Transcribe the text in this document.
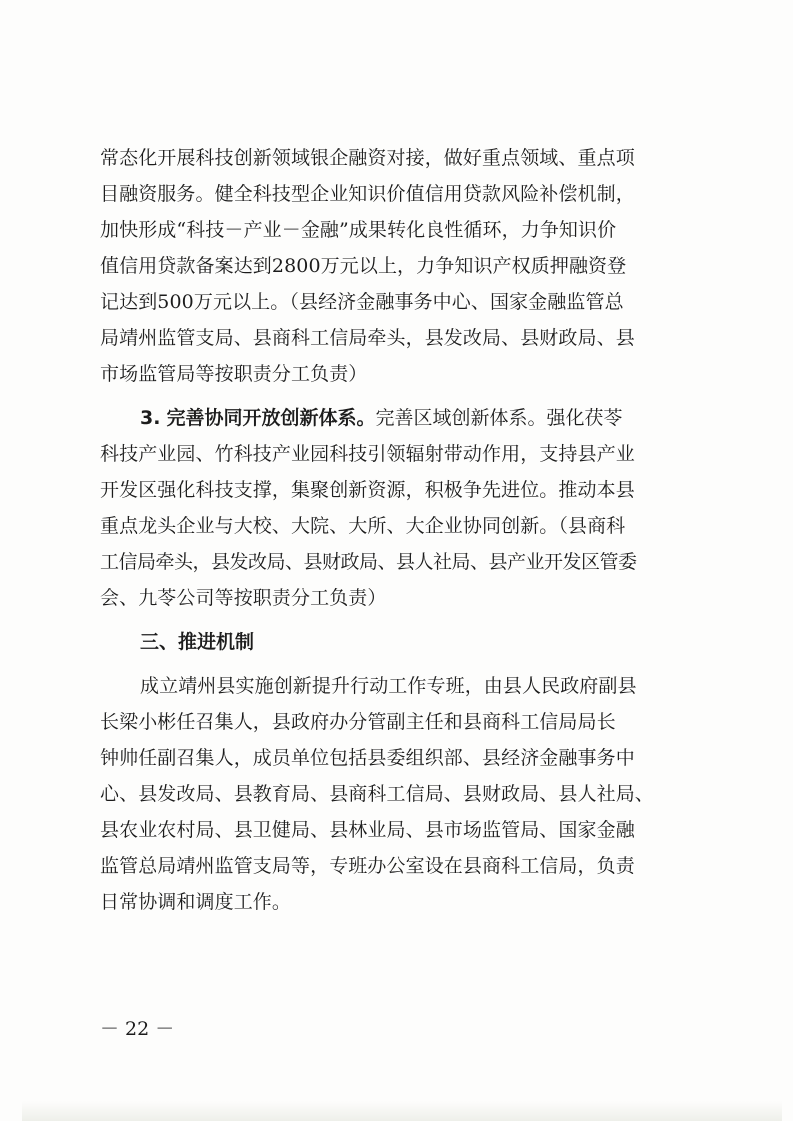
常态化开展科技创新领域银企融资对接，做好重点领域、重点项
目融资服务。健全科技型企业知识价值信用贷款风险补偿机制，
加快形成“科技－产业－金融”成果转化良性循环，力争知识价
值信用贷款备案达到2800万元以上，力争知识产权质押融资登
记达到500万元以上。（县经济金融事务中心、国家金融监管总
局靖州监管支局、县商科工信局牵头，县发改局、县财政局、县
市场监管局等按职责分工负责）
3. 完善协同开放创新体系。完善区域创新体系。强化茯苓
科技产业园、竹科技产业园科技引领辐射带动作用，支持县产业
开发区强化科技支撑，集聚创新资源，积极争先进位。推动本县
重点龙头企业与大校、大院、大所、大企业协同创新。（县商科
工信局牵头，县发改局、县财政局、县人社局、县产业开发区管委
会、九苓公司等按职责分工负责）
三、推进机制
成立靖州县实施创新提升行动工作专班，由县人民政府副县
长梁小彬任召集人，县政府办分管副主任和县商科工信局局长
钟帅任副召集人，成员单位包括县委组织部、县经济金融事务中
心、县发改局、县教育局、县商科工信局、县财政局、县人社局、
县农业农村局、县卫健局、县林业局、县市场监管局、国家金融
监管总局靖州监管支局等，专班办公室设在县商科工信局，负责
日常协调和调度工作。
－ 22 －
